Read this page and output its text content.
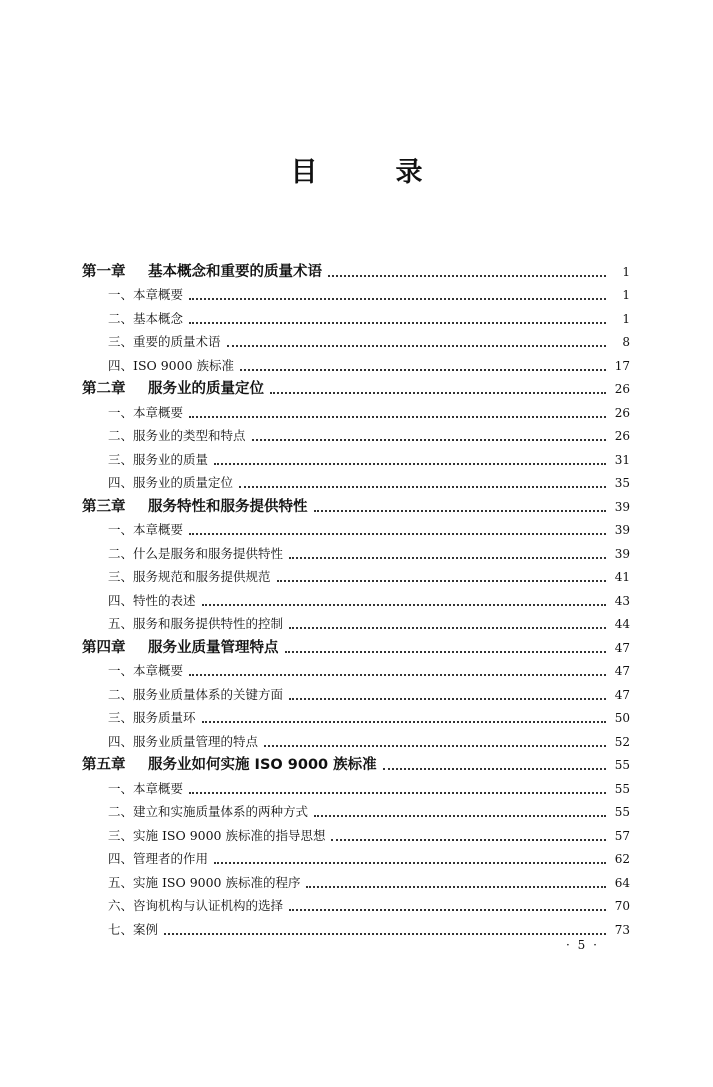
目	录
第一章	基本概念和重要的质量术语	1
一、本章概要	1
二、基本概念	1
三、重要的质量术语	8
四、ISO 9000 族标准	17
第二章	服务业的质量定位	26
一、本章概要	26
二、服务业的类型和特点	26
三、服务业的质量	31
四、服务业的质量定位	35
第三章	服务特性和服务提供特性	39
一、本章概要	39
二、什么是服务和服务提供特性	39
三、服务规范和服务提供规范	41
四、特性的表述	43
五、服务和服务提供特性的控制	44
第四章	服务业质量管理特点	47
一、本章概要	47
二、服务业质量体系的关键方面	47
三、服务质量环	50
四、服务业质量管理的特点	52
第五章	服务业如何实施 ISO 9000 族标准	55
一、本章概要	55
二、建立和实施质量体系的两种方式	55
三、实施 ISO 9000 族标准的指导思想	57
四、管理者的作用	62
五、实施 ISO 9000 族标准的程序	64
六、咨询机构与认证机构的选择	70
七、案例	73
· 5 ·
